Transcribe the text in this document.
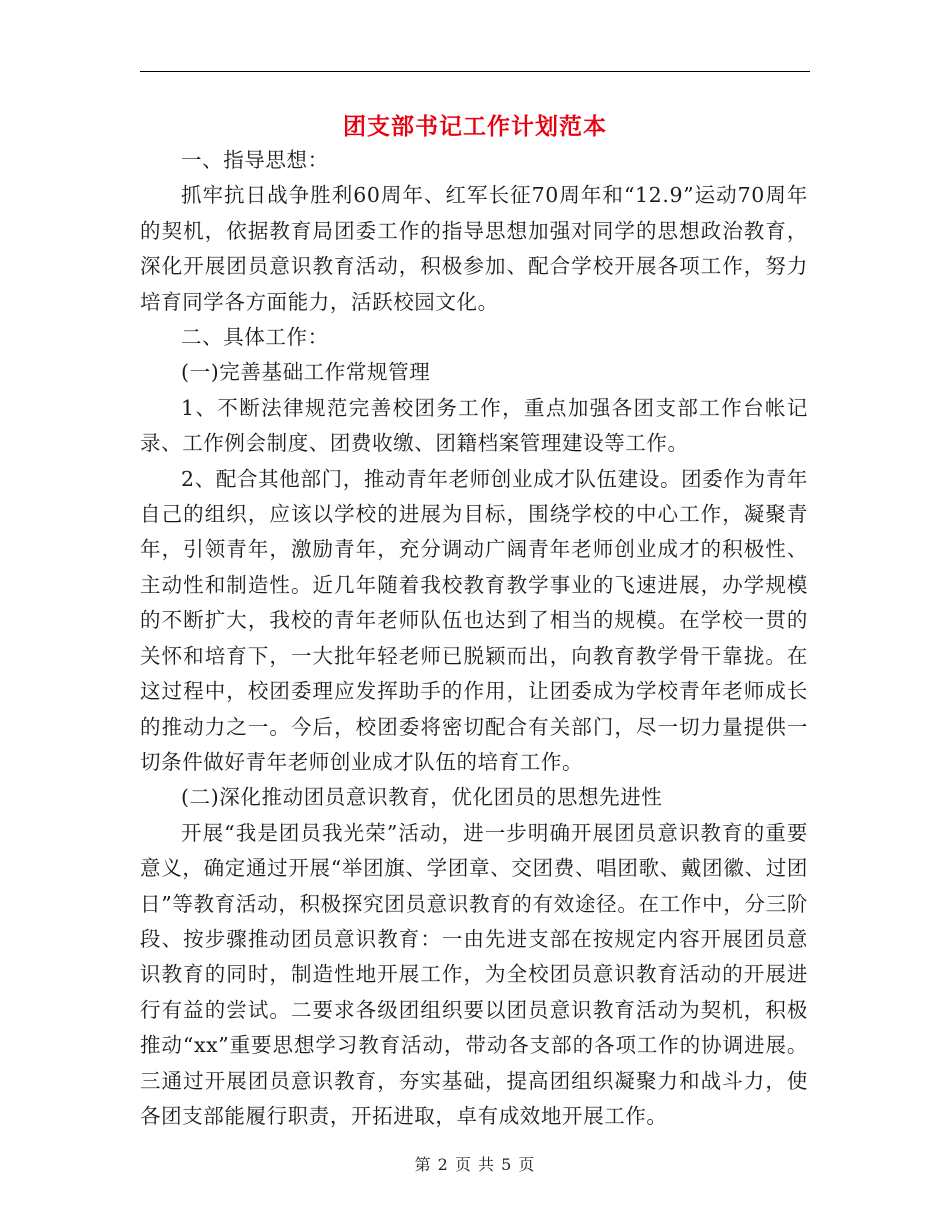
团支部书记工作计划范本

一、指导思想：

抓牢抗日战争胜利60周年、红军长征70周年和“12.9”运动70周年的契机，依据教育局团委工作的指导思想加强对同学的思想政治教育，深化开展团员意识教育活动，积极参加、配合学校开展各项工作，努力培育同学各方面能力，活跃校园文化。

二、具体工作：

(一)完善基础工作常规管理

1、不断法律规范完善校团务工作，重点加强各团支部工作台帐记录、工作例会制度、团费收缴、团籍档案管理建设等工作。

2、配合其他部门，推动青年老师创业成才队伍建设。团委作为青年自己的组织，应该以学校的进展为目标，围绕学校的中心工作，凝聚青年，引领青年，激励青年，充分调动广阔青年老师创业成才的积极性、主动性和制造性。近几年随着我校教育教学事业的飞速进展，办学规模的不断扩大，我校的青年老师队伍也达到了相当的规模。在学校一贯的关怀和培育下，一大批年轻老师已脱颖而出，向教育教学骨干靠拢。在这过程中，校团委理应发挥助手的作用，让团委成为学校青年老师成长的推动力之一。今后，校团委将密切配合有关部门，尽一切力量提供一切条件做好青年老师创业成才队伍的培育工作。

(二)深化推动团员意识教育，优化团员的思想先进性

开展“我是团员我光荣”活动，进一步明确开展团员意识教育的重要意义，确定通过开展“举团旗、学团章、交团费、唱团歌、戴团徽、过团日”等教育活动，积极探究团员意识教育的有效途径。在工作中，分三阶段、按步骤推动团员意识教育：一由先进支部在按规定内容开展团员意识教育的同时，制造性地开展工作，为全校团员意识教育活动的开展进行有益的尝试。二要求各级团组织要以团员意识教育活动为契机，积极推动“xx”重要思想学习教育活动，带动各支部的各项工作的协调进展。三通过开展团员意识教育，夯实基础，提高团组织凝聚力和战斗力，使各团支部能履行职责，开拓进取，卓有成效地开展工作。

第 2 页 共 5 页
